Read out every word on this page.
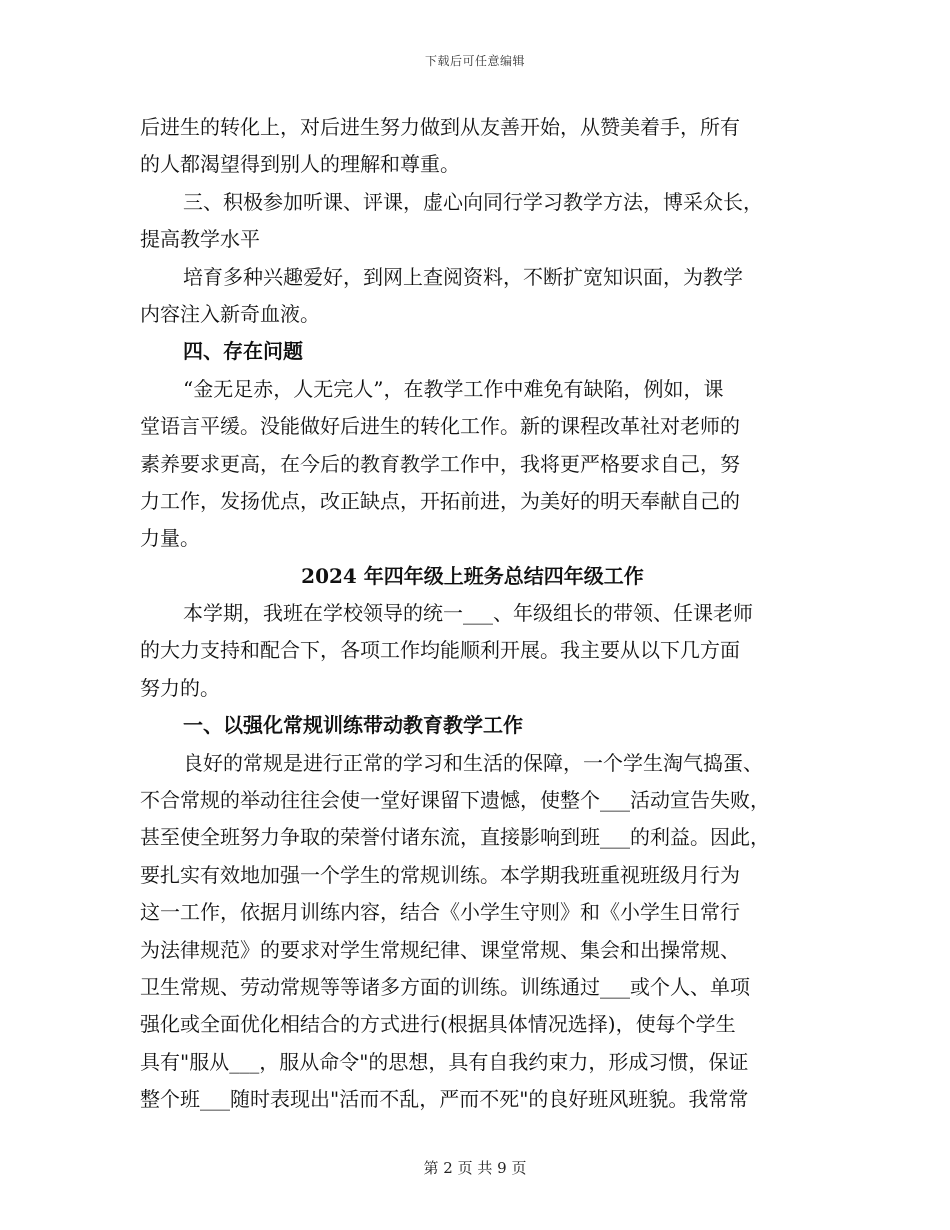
下载后可任意编辑
后进生的转化上，对后进生努力做到从友善开始，从赞美着手，所有
的人都渴望得到别人的理解和尊重。
三、积极参加听课、评课，虚心向同行学习教学方法，博采众长，
提高教学水平
培育多种兴趣爱好，到网上查阅资料，不断扩宽知识面，为教学
内容注入新奇血液。
四、存在问题
“金无足赤，人无完人”，在教学工作中难免有缺陷，例如，课
堂语言平缓。没能做好后进生的转化工作。新的课程改革社对老师的
素养要求更高，在今后的教育教学工作中，我将更严格要求自己，努
力工作，发扬优点，改正缺点，开拓前进，为美好的明天奉献自己的
力量。
2024 年四年级上班务总结四年级工作
本学期，我班在学校领导的统一___、年级组长的带领、任课老师
的大力支持和配合下，各项工作均能顺利开展。我主要从以下几方面
努力的。
一、以强化常规训练带动教育教学工作
良好的常规是进行正常的学习和生活的保障，一个学生淘气捣蛋、
不合常规的举动往往会使一堂好课留下遗憾，使整个___活动宣告失败，
甚至使全班努力争取的荣誉付诸东流，直接影响到班___的利益。因此，
要扎实有效地加强一个学生的常规训练。本学期我班重视班级月行为
这一工作，依据月训练内容，结合《小学生守则》和《小学生日常行
为法律规范》的要求对学生常规纪律、课堂常规、集会和出操常规、
卫生常规、劳动常规等等诸多方面的训练。训练通过___或个人、单项
强化或全面优化相结合的方式进行(根据具体情况选择)，使每个学生
具有"服从___，服从命令"的思想，具有自我约束力，形成习惯，保证
整个班___随时表现出"活而不乱，严而不死"的良好班风班貌。我常常
第 2 页 共 9 页
